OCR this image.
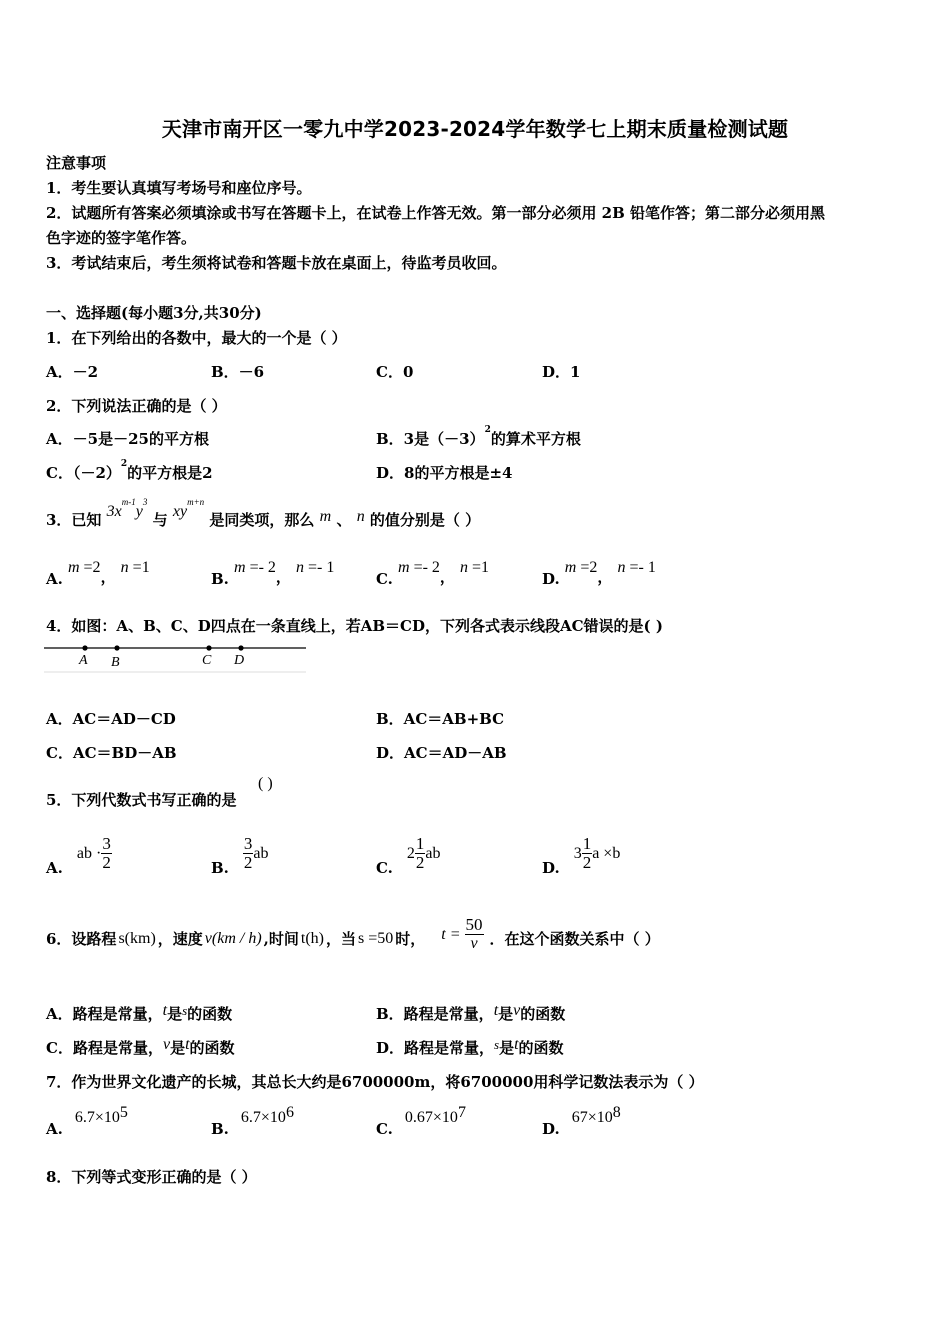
天津市南开区一零九中学2023-2024学年数学七上期末质量检测试题
注意事项
1．考生要认真填写考场号和座位序号。
2．试题所有答案必须填涂或书写在答题卡上，在试卷上作答无效。第一部分必须用 2B 铅笔作答；第二部分必须用黑
色字迹的签字笔作答。
3．考试结束后，考生须将试卷和答题卡放在桌面上，待监考员收回。
一、选择题(每小题3分,共30分)
1．在下列给出的各数中，最大的一个是（ ）
A．－2	B．－6	C．0	D．1
2．下列说法正确的是（ ）
A．－5是－25的平方根	B．3是$(-3)^2$的算术平方根
C．$(-2)^2$的平方根是2	D．8的平方根是±4
3．已知 $3x^{m-1}y^3$ 与 $xy^{m+n}$ 是同类项，那么 m 、 n 的值分别是（ ）
A. m =2， n =1
B. m =- 2， n =- 1
C. m =- 2， n =1
D. m =2， n =- 1
4．如图：A、B、C、D四点在一条直线上，若AB＝CD，下列各式表示线段AC错误的是( )
A B	C D
A．AC＝AD－CD	B．AC＝AB+BC
C．AC＝BD－AB	D．AC＝AD－AB
5．下列代数式书写正确的是
( )
A.
ab · $\frac{3}{2}$	B. $\frac{3}{2}$ ab
C.
$2 \frac{1}{2}$ ab
D.
$3 \frac{1}{2}$ a ×b
6．设路程 s(km) ，速度 v(km / h) ,时间 t(h) ，当 s =50 时， $t = \frac{50}{v}$ ．在这个函数关系中（ ）
A．路程是常量，t是s的函数	B．路程是常量，t是v的函数
C．路程是常量，v是t的函数	D．路程是常量，s是t的函数
7．作为世界文化遗产的长城，其总长大约是6700000m，将6700000用科学记数法表示为（ ）
$A.6.7\times 10^5$
$B.6.7\times 10^6$
$C.0.67\times 10^7$
$D.67\times 10^8$
8．下列等式变形正确的是（ ）
